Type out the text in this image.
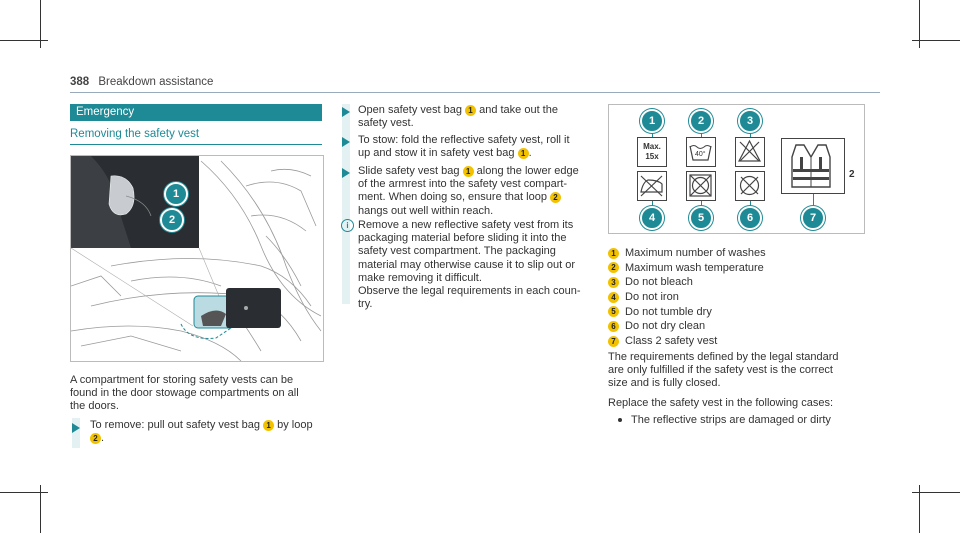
388 Breakdown assistance
Emergency
Removing the safety vest
1
2
A compartment for storing safety vests can be
found in the door stowage compartments on all
the doors.
To remove: pull out safety vest bag 1 by loop
2 .
Open safety vest bag 1 and take out the
safety vest.
To stow: fold the reflective safety vest, roll it
up and stow it in safety vest bag 1 .
Slide safety vest bag 1 along the lower edge
of the armrest into the safety vest compart-
ment. When doing so, ensure that loop 2
hangs out well within reach.
i Remove a new reflective safety vest from its
packaging material before sliding it into the
safety vest compartment. The packaging
material may otherwise cause it to slip out or
make removing it difficult.
Observe the legal requirements in each coun-
try.
1	2	3
Max.
15x	40°
2
4	5	6	7
1 Maximum number of washes
2 Maximum wash temperature
3 Do not bleach
4 Do not iron
5 Do not tumble dry
6 Do not dry clean
7 Class 2 safety vest
The requirements defined by the legal standard
are only fulfilled if the safety vest is the correct
size and is fully closed.
Replace the safety vest in the following cases:
The reflective strips are damaged or dirty
